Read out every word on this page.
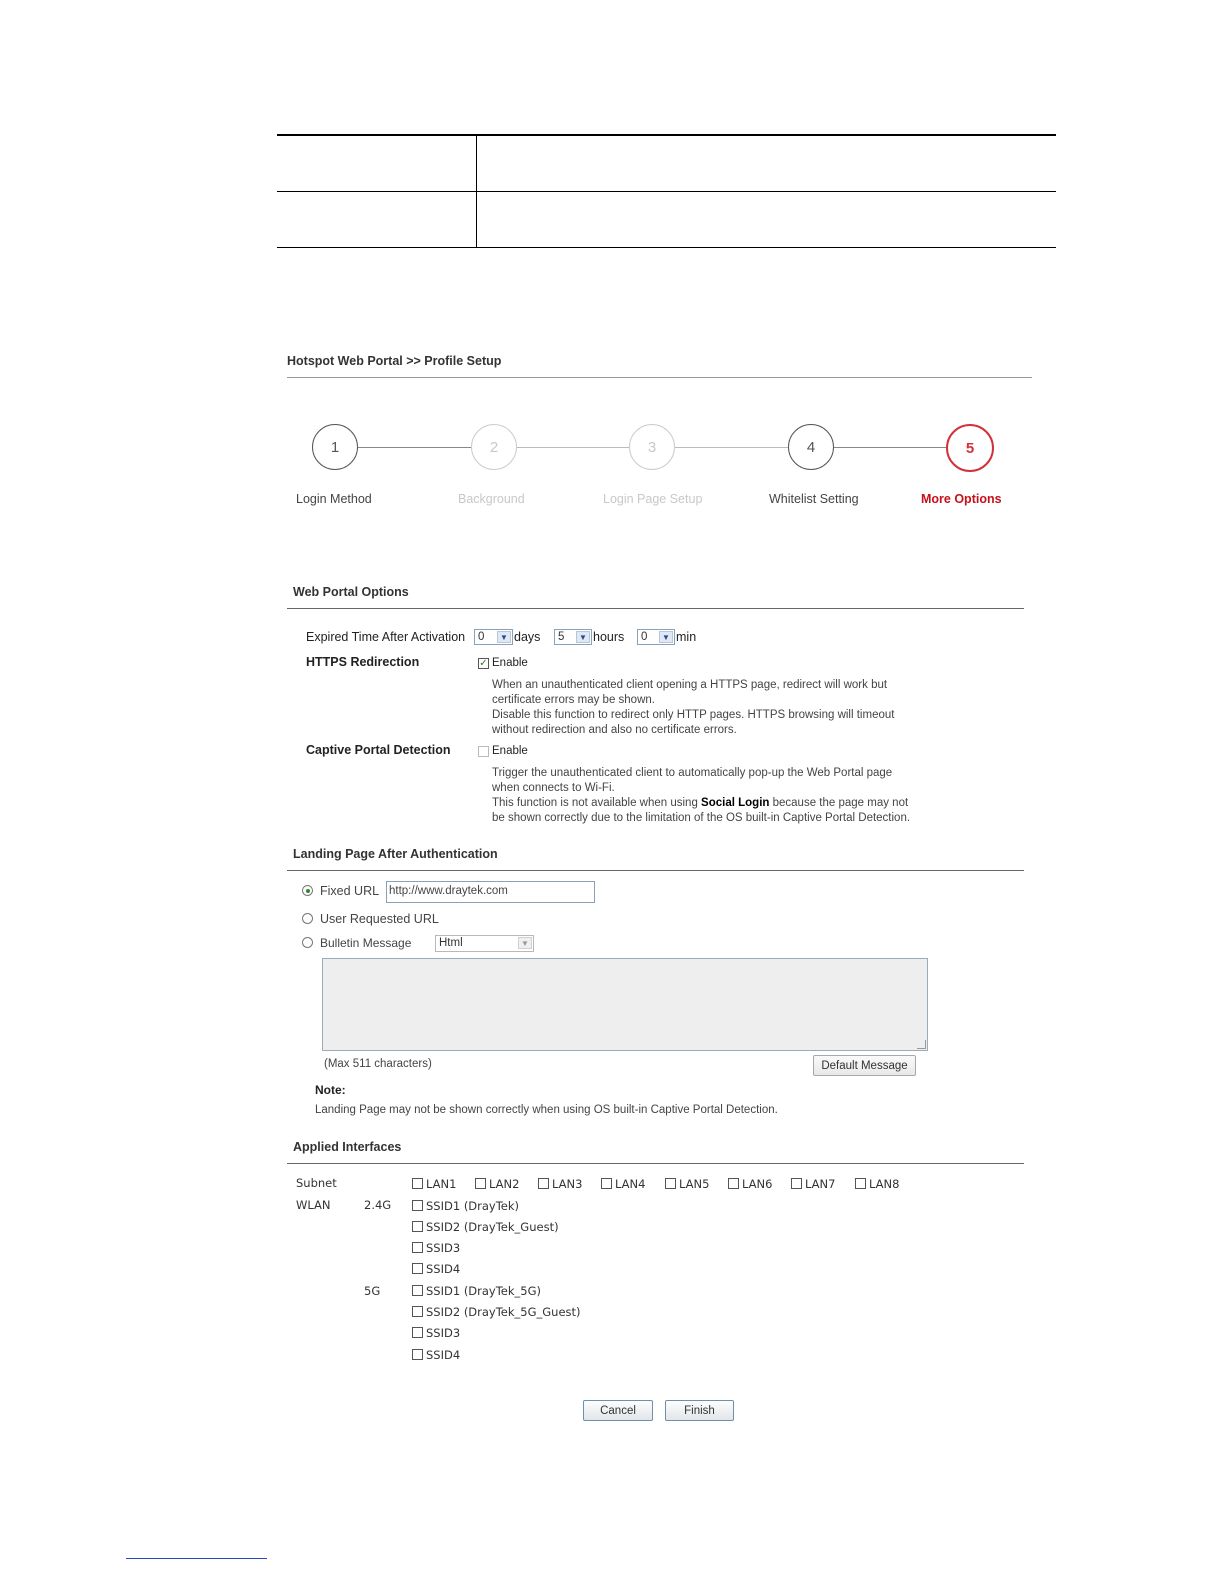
Hotspot Web Portal >> Profile Setup
1	2	3	4	5
Login Method	Background	Login Page Setup	Whitelist Setting	More Options
Web Portal Options
Expired Time After Activation 0	▼ days 5	▼ hours 0	▼ min
HTTPS Redirection	✓ Enable
When an unauthenticated client opening a HTTPS page, redirect will work but
certificate errors may be shown.
Disable this function to redirect only HTTP pages. HTTPS browsing will timeout
without redirection and also no certificate errors.
Captive Portal Detection	Enable
Trigger the unauthenticated client to automatically pop-up the Web Portal page
when connects to Wi-Fi.
This function is not available when using Social Login because the page may not
be shown correctly due to the limitation of the OS built-in Captive Portal Detection.
Landing Page After Authentication
Fixed URL http://www.draytek.com
User Requested URL
Bulletin Message Html	▼
(Max 511 characters)	Default Message
Note:
Landing Page may not be shown correctly when using OS built-in Captive Portal Detection.
Applied Interfaces
Subnet	LAN1	LAN2	LAN3	LAN4	LAN5	LAN6	LAN7	LAN8
WLAN	2.4G	SSID1 (DrayTek)
SSID2 (DrayTek_Guest)
SSID3
SSID4
5G	SSID1 (DrayTek_5G)
SSID2 (DrayTek_5G_Guest)
SSID3
SSID4
Cancel	Finish
